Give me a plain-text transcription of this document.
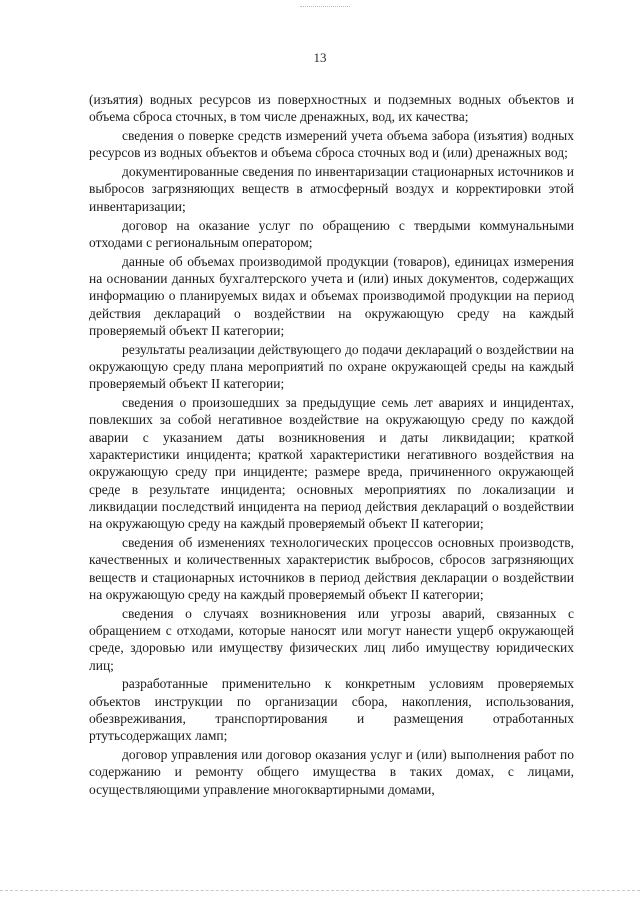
13

(изъятия) водных ресурсов из поверхностных и подземных водных объектов и объема сброса сточных, в том числе дренажных, вод, их качества;

сведения о поверке средств измерений учета объема забора (изъятия) водных ресурсов из водных объектов и объема сброса сточных вод и (или) дренажных вод;

документированные сведения по инвентаризации стационарных источников и выбросов загрязняющих веществ в атмосферный воздух и корректировки этой инвентаризации;

договор на оказание услуг по обращению с твердыми коммунальными отходами с региональным оператором;

данные об объемах производимой продукции (товаров), единицах измерения на основании данных бухгалтерского учета и (или) иных документов, содержащих информацию о планируемых видах и объемах производимой продукции на период действия деклараций о воздействии на окружающую среду на каждый проверяемый объект II категории;

результаты реализации действующего до подачи деклараций о воздействии на окружающую среду плана мероприятий по охране окружающей среды на каждый проверяемый объект II категории;

сведения о произошедших за предыдущие семь лет авариях и инцидентах, повлекших за собой негативное воздействие на окружающую среду по каждой аварии с указанием даты возникновения и даты ликвидации; краткой характеристики инцидента; краткой характеристики негативного воздействия на окружающую среду при инциденте; размере вреда, причиненного окружающей среде в результате инцидента; основных мероприятиях по локализации и ликвидации последствий инцидента на период действия деклараций о воздействии на окружающую среду на каждый проверяемый объект II категории;

сведения об изменениях технологических процессов основных производств, качественных и количественных характеристик выбросов, сбросов загрязняющих веществ и стационарных источников в период действия декларации о воздействии на окружающую среду на каждый проверяемый объект II категории;

сведения о случаях возникновения или угрозы аварий, связанных с обращением с отходами, которые наносят или могут нанести ущерб окружающей среде, здоровью или имуществу физических лиц либо имуществу юридических лиц;

разработанные применительно к конкретным условиям проверяемых объектов инструкции по организации сбора, накопления, использования, обезвреживания, транспортирования и размещения отработанных ртутьсодержащих ламп;

договор управления или договор оказания услуг и (или) выполнения работ по содержанию и ремонту общего имущества в таких домах, с лицами, осуществляющими управление многоквартирными домами,
